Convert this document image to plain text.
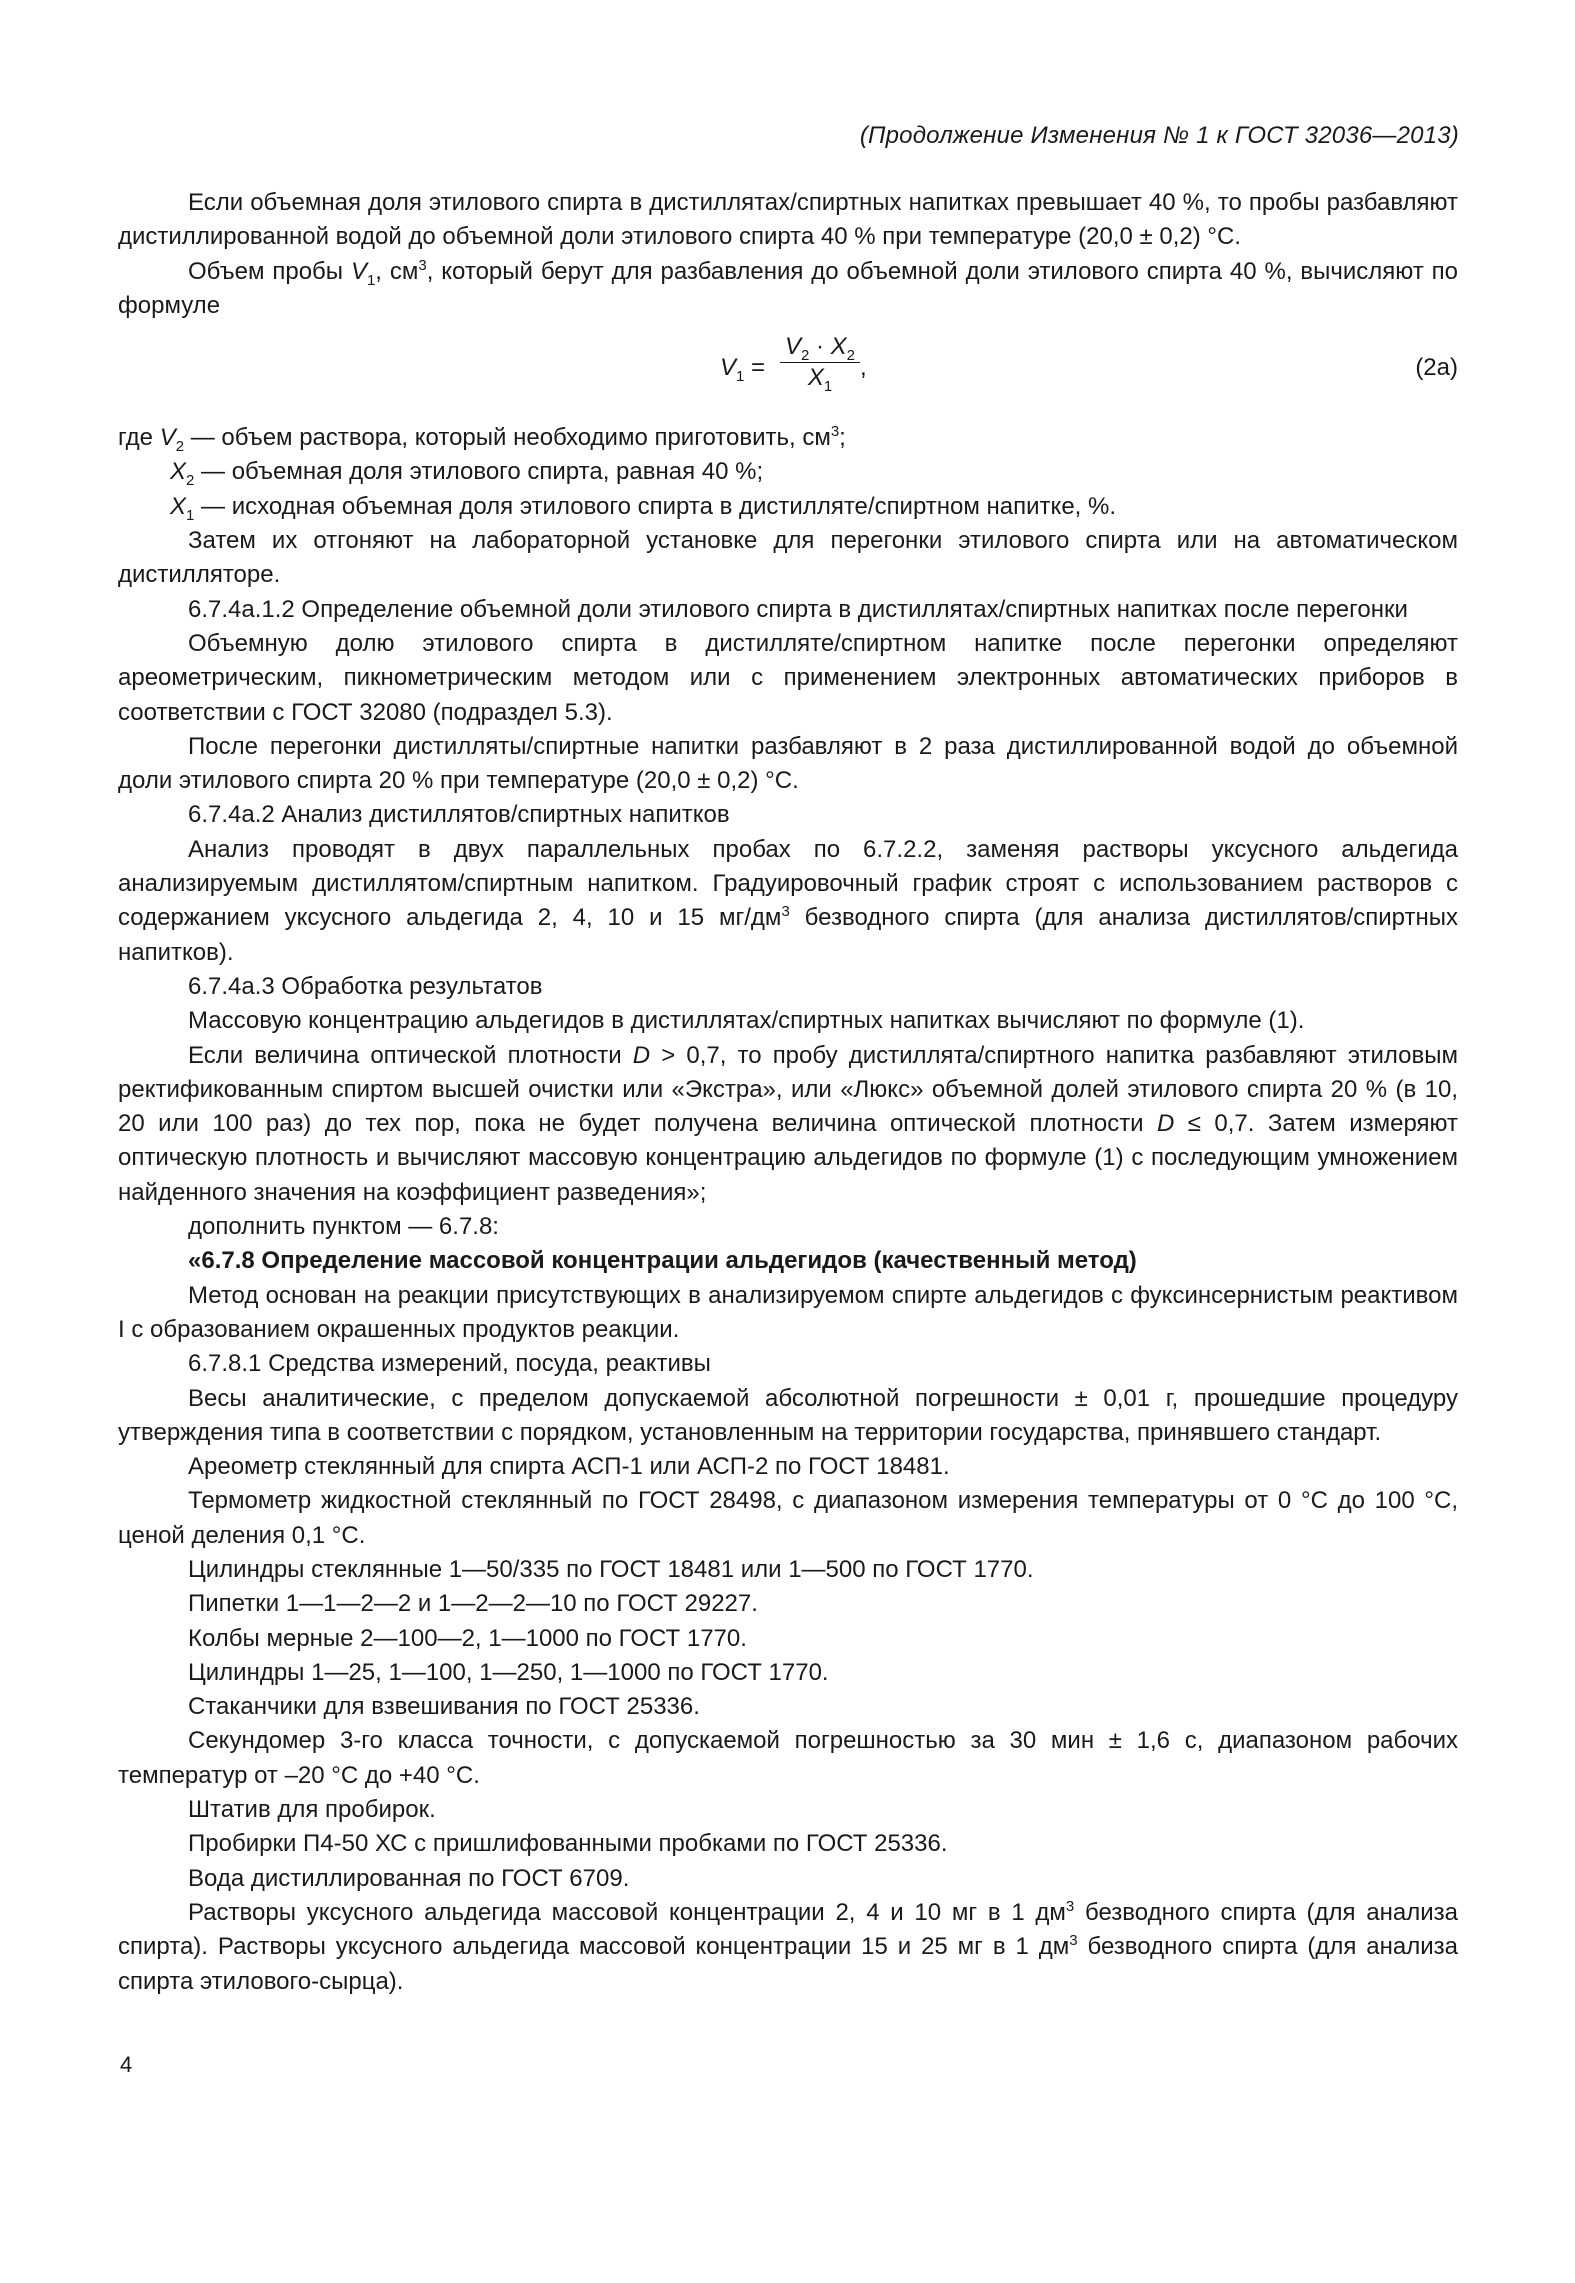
(Продолжение Изменения № 1 к ГОСТ 32036—2013)

Если объемная доля этилового спирта в дистиллятах/спиртных напитках превышает 40 %, то пробы разбавляют дистиллированной водой до объемной доли этилового спирта 40 % при температуре (20,0 ± 0,2) °С.

Объем пробы $V_1$, $см^3$, который берут для разбавления до объемной доли этилового спирта 40 %, вычисляют по формуле

$V_1 = \frac{V_2 \cdot X_2}{X_1}$ ,	(2a)

где $V_2$ — объем раствора, который необходимо приготовить, $см^3$;

$X_2$ — объемная доля этилового спирта, равная 40 %;

$X_1$ — исходная объемная доля этилового спирта в дистилляте/спиртном напитке, %.

Затем их отгоняют на лабораторной установке для перегонки этилового спирта или на автоматическом дистилляторе.

6.7.4а.1.2 Определение объемной доли этилового спирта в дистиллятах/спиртных напитках после перегонки

Объемную долю этилового спирта в дистилляте/спиртном напитке после перегонки определяют ареометрическим, пикнометрическим методом или с применением электронных автоматических приборов в соответствии с ГОСТ 32080 (подраздел 5.3).

После перегонки дистилляты/спиртные напитки разбавляют в 2 раза дистиллированной водой до объемной доли этилового спирта 20 % при температуре (20,0 ± 0,2) °С.

6.7.4а.2 Анализ дистиллятов/спиртных напитков

Анализ проводят в двух параллельных пробах по 6.7.2.2, заменяя растворы уксусного альдегида анализируемым дистиллятом/спиртным напитком. Градуировочный график строят с использованием растворов с содержанием уксусного альдегида 2, 4, 10 и 15 $мг/дм^3$ безводного спирта (для анализа дистиллятов/спиртных напитков).

6.7.4а.3 Обработка результатов

Массовую концентрацию альдегидов в дистиллятах/спиртных напитках вычисляют по формуле (1).

Если величина оптической плотности D > 0,7, то пробу дистиллята/спиртного напитка разбавляют этиловым ректификованным спиртом высшей очистки или «Экстра», или «Люкс» объемной долей этилового спирта 20 % (в 10, 20 или 100 раз) до тех пор, пока не будет получена величина оптической плотности D ≤ 0,7. Затем измеряют оптическую плотность и вычисляют массовую концентрацию альдегидов по формуле (1) с последующим умножением найденного значения на коэффициент разведения»;

дополнить пунктом — 6.7.8:

«6.7.8 Определение массовой концентрации альдегидов (качественный метод)

Метод основан на реакции присутствующих в анализируемом спирте альдегидов с фуксинсернистым реактивом I с образованием окрашенных продуктов реакции.

6.7.8.1 Средства измерений, посуда, реактивы

Весы аналитические, с пределом допускаемой абсолютной погрешности ± 0,01 г, прошедшие процедуру утверждения типа в соответствии с порядком, установленным на территории государства, принявшего стандарт.

Ареометр стеклянный для спирта АСП-1 или АСП-2 по ГОСТ 18481.

Термометр жидкостной стеклянный по ГОСТ 28498, с диапазоном измерения температуры от 0 °С до 100 °С, ценой деления 0,1 °С.

Цилиндры стеклянные 1—50/335 по ГОСТ 18481 или 1—500 по ГОСТ 1770.

Пипетки 1—1—2—2 и 1—2—2—10 по ГОСТ 29227.

Колбы мерные 2—100—2, 1—1000 по ГОСТ 1770.

Цилиндры 1—25, 1—100, 1—250, 1—1000 по ГОСТ 1770.

Стаканчики для взвешивания по ГОСТ 25336.

Секундомер 3-го класса точности, с допускаемой погрешностью за 30 мин ± 1,6 с, диапазоном рабочих температур от –20 °С до +40 °С.

Штатив для пробирок.

Пробирки П4-50 ХС с пришлифованными пробками по ГОСТ 25336.

Вода дистиллированная по ГОСТ 6709.

Растворы уксусного альдегида массовой концентрации 2, 4 и 10 мг в 1 $дм^3$ безводного спирта (для анализа спирта). Растворы уксусного альдегида массовой концентрации 15 и 25 мг в 1 $дм^3$ безводного спирта (для анализа спирта этилового-сырца).

4
